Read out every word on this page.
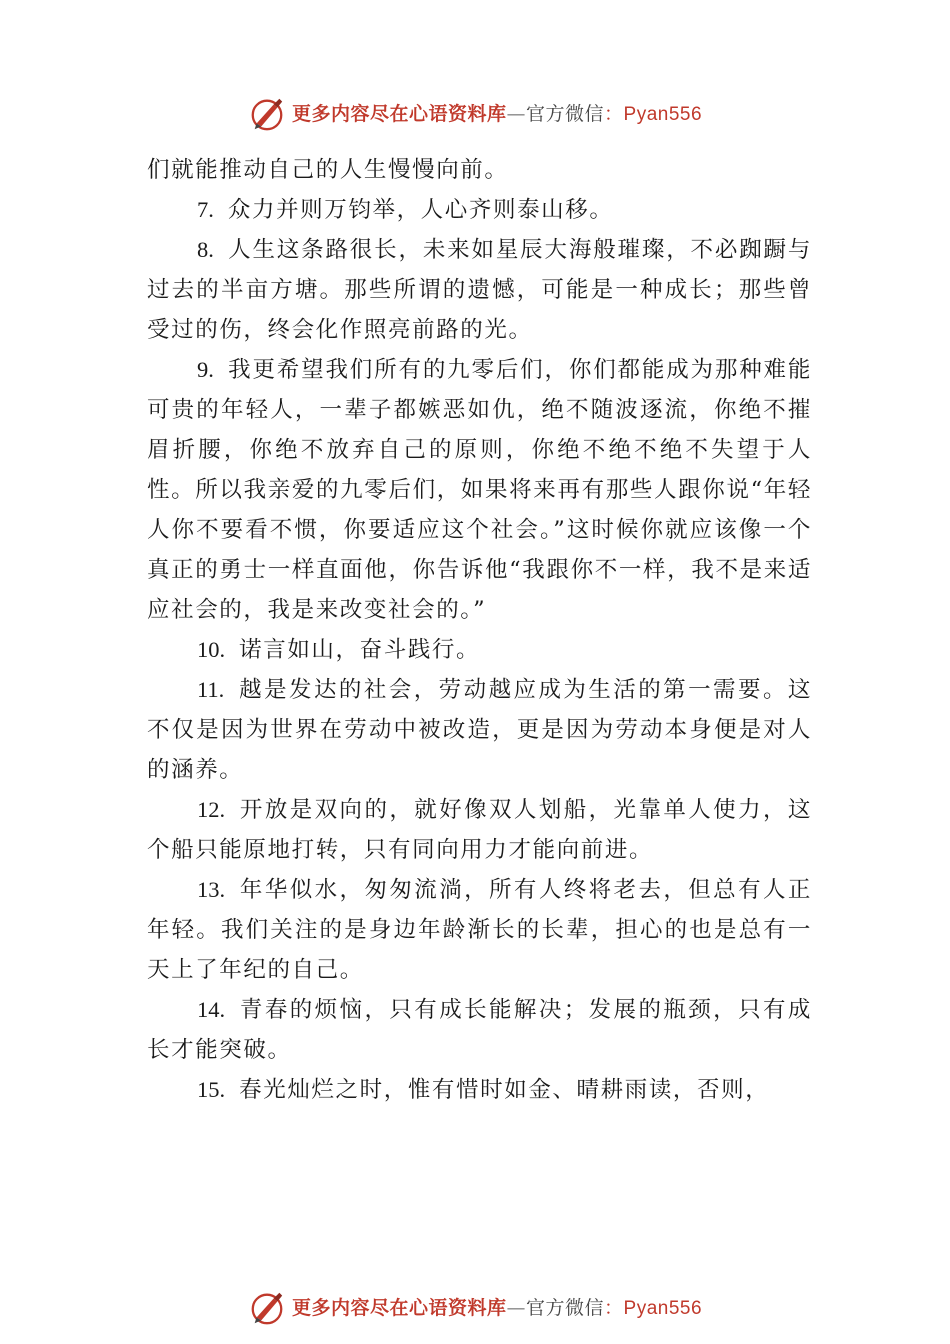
更多内容尽在心语资料库—官方微信：Pyan556

们就能推动自己的人生慢慢向前。

7. 众力并则万钧举，人心齐则泰山移。

8. 人生这条路很长，未来如星辰大海般璀璨，不必踟蹰与过去的半亩方塘。那些所谓的遗憾，可能是一种成长；那些曾受过的伤，终会化作照亮前路的光。

9. 我更希望我们所有的九零后们，你们都能成为那种难能可贵的年轻人，一辈子都嫉恶如仇，绝不随波逐流，你绝不摧眉折腰，你绝不放弃自己的原则，你绝不绝不绝不失望于人性。所以我亲爱的九零后们，如果将来再有那些人跟你说“年轻人你不要看不惯，你要适应这个社会。”这时候你就应该像一个真正的勇士一样直面他，你告诉他“我跟你不一样，我不是来适应社会的，我是来改变社会的。”

10. 诺言如山，奋斗践行。

11. 越是发达的社会，劳动越应成为生活的第一需要。这不仅是因为世界在劳动中被改造，更是因为劳动本身便是对人的涵养。

12. 开放是双向的，就好像双人划船，光靠单人使力，这个船只能原地打转，只有同向用力才能向前进。

13. 年华似水，匆匆流淌，所有人终将老去，但总有人正年轻。我们关注的是身边年龄渐长的长辈，担心的也是总有一天上了年纪的自己。

14. 青春的烦恼，只有成长能解决；发展的瓶颈，只有成长才能突破。

15. 春光灿烂之时，惟有惜时如金、晴耕雨读，否则，

更多内容尽在心语资料库—官方微信：Pyan556
